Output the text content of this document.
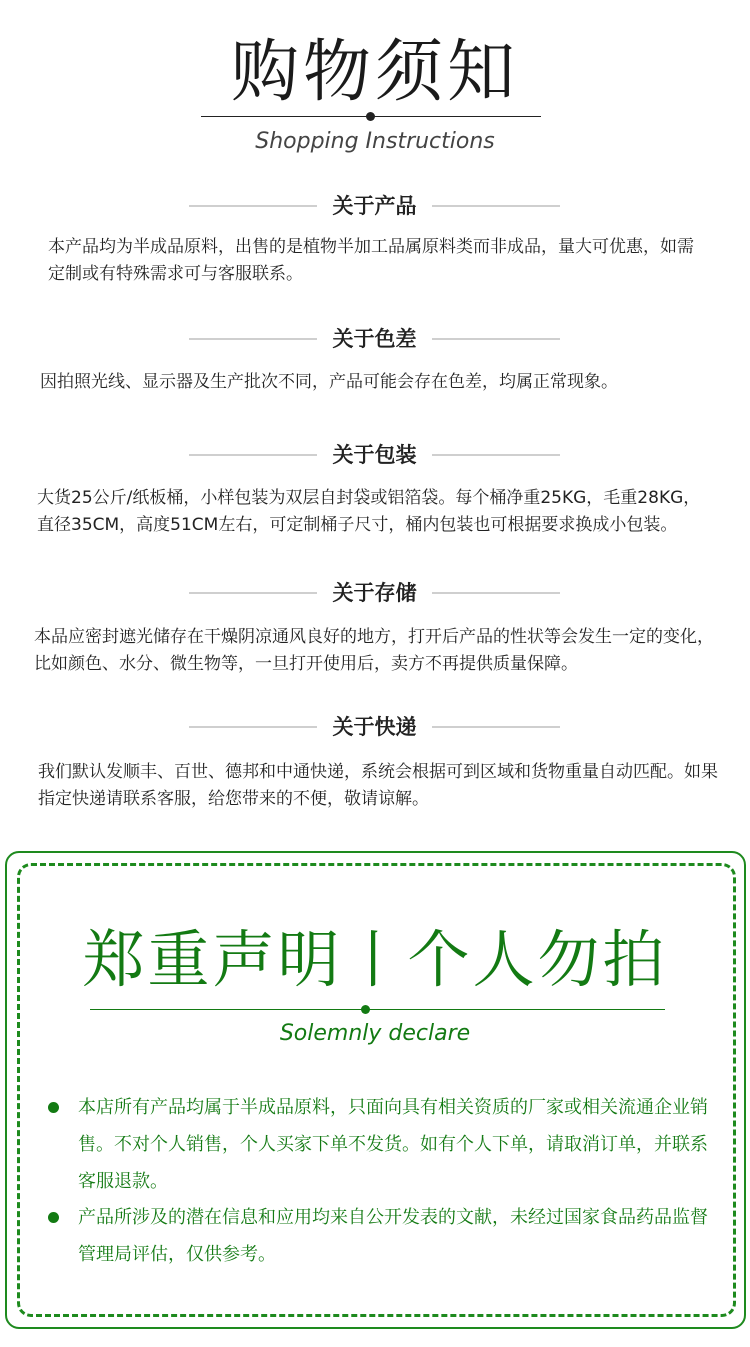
购物须知
Shopping Instructions
关于产品
本产品均为半成品原料，出售的是植物半加工品属原料类而非成品，量大可优惠，如需定制或有特殊需求可与客服联系。
关于色差
因拍照光线、显示器及生产批次不同，产品可能会存在色差，均属正常现象。
关于包装
大货25公斤/纸板桶，小样包装为双层自封袋或铝箔袋。每个桶净重25KG，毛重28KG，直径35CM，高度51CM左右，可定制桶子尺寸，桶内包装也可根据要求换成小包装。
关于存储
本品应密封遮光储存在干燥阴凉通风良好的地方，打开后产品的性状等会发生一定的变化，比如颜色、水分、微生物等，一旦打开使用后，卖方不再提供质量保障。
关于快递
我们默认发顺丰、百世、德邦和中通快递，系统会根据可到区域和货物重量自动匹配。如果指定快递请联系客服，给您带来的不便，敬请谅解。
郑重声明丨个人勿拍
Solemnly declare
本店所有产品均属于半成品原料，只面向具有相关资质的厂家或相关流通企业销售。不对个人销售，个人买家下单不发货。如有个人下单，请取消订单，并联系客服退款。
产品所涉及的潜在信息和应用均来自公开发表的文献，未经过国家食品药品监督管理局评估，仅供参考。
